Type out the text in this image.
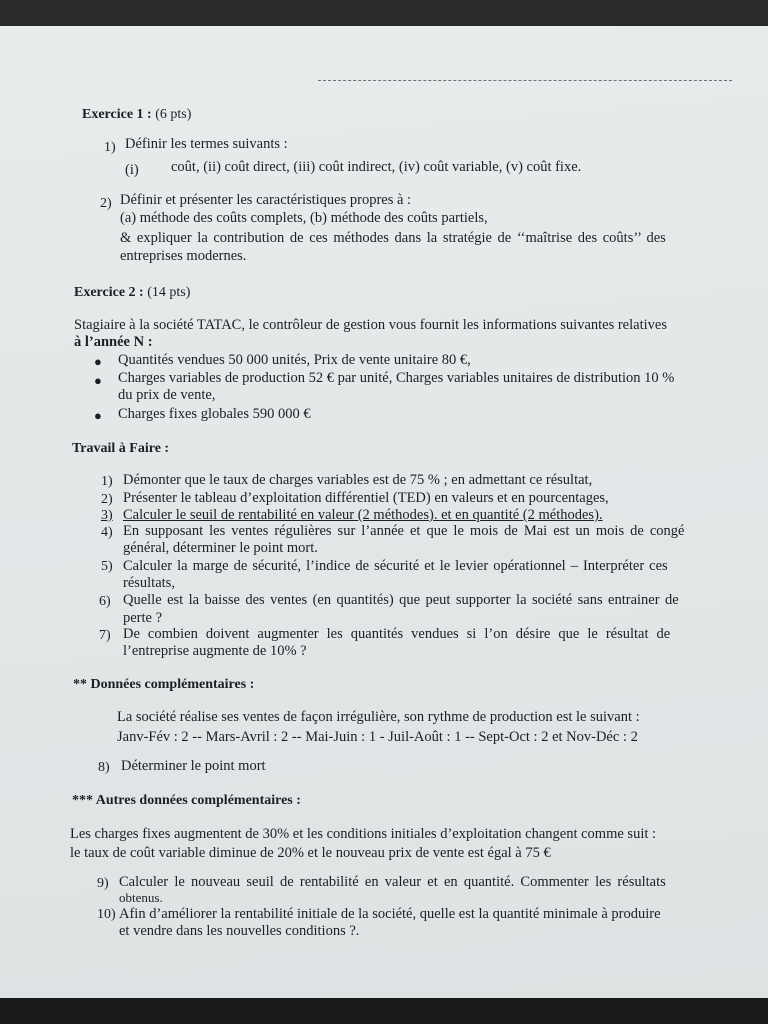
Exercice 1 : (6 pts)
1) Définir les termes suivants :
(i) coût, (ii) coût direct, (iii) coût indirect, (iv) coût variable, (v) coût fixe.
2) Définir et présenter les caractéristiques propres à :
(a) méthode des coûts complets, (b) méthode des coûts partiels,
& expliquer la contribution de ces méthodes dans la stratégie de ‘‘maîtrise des coûts’’ des
entreprises modernes.
Exercice 2 : (14 pts)
Stagiaire à la société TATAC, le contrôleur de gestion vous fournit les informations suivantes relatives
à l’année N :
● Quantités vendues 50 000 unités, Prix de vente unitaire 80 €,
● Charges variables de production 52 € par unité, Charges variables unitaires de distribution 10 %
du prix de vente,
● Charges fixes globales 590 000 €
Travail à Faire :
1) Démonter que le taux de charges variables est de 75 % ; en admettant ce résultat,
2) Présenter le tableau d’exploitation différentiel (TED) en valeurs et en pourcentages,
3) Calculer le seuil de rentabilité en valeur (2 méthodes). et en quantité (2 méthodes).
4) En supposant les ventes régulières sur l’année et que le mois de Mai est un mois de congé
général, déterminer le point mort.
5) Calculer la marge de sécurité, l’indice de sécurité et le levier opérationnel – Interpréter ces
résultats,
6) Quelle est la baisse des ventes (en quantités) que peut supporter la société sans entrainer de
perte ?
7) De combien doivent augmenter les quantités vendues si l’on désire que le résultat de
l’entreprise augmente de 10% ?
** Données complémentaires :
La société réalise ses ventes de façon irrégulière, son rythme de production est le suivant :
Janv-Fév : 2 -- Mars-Avril : 2 -- Mai-Juin : 1 - Juil-Août : 1 -- Sept-Oct : 2 et Nov-Déc : 2
8) Déterminer le point mort
*** Autres données complémentaires :
Les charges fixes augmentent de 30% et les conditions initiales d’exploitation changent comme suit :
le taux de coût variable diminue de 20% et le nouveau prix de vente est égal à 75 €
9) Calculer le nouveau seuil de rentabilité en valeur et en quantité. Commenter les résultats
obtenus.
10) Afin d’améliorer la rentabilité initiale de la société, quelle est la quantité minimale à produire
et vendre dans les nouvelles conditions ?.
